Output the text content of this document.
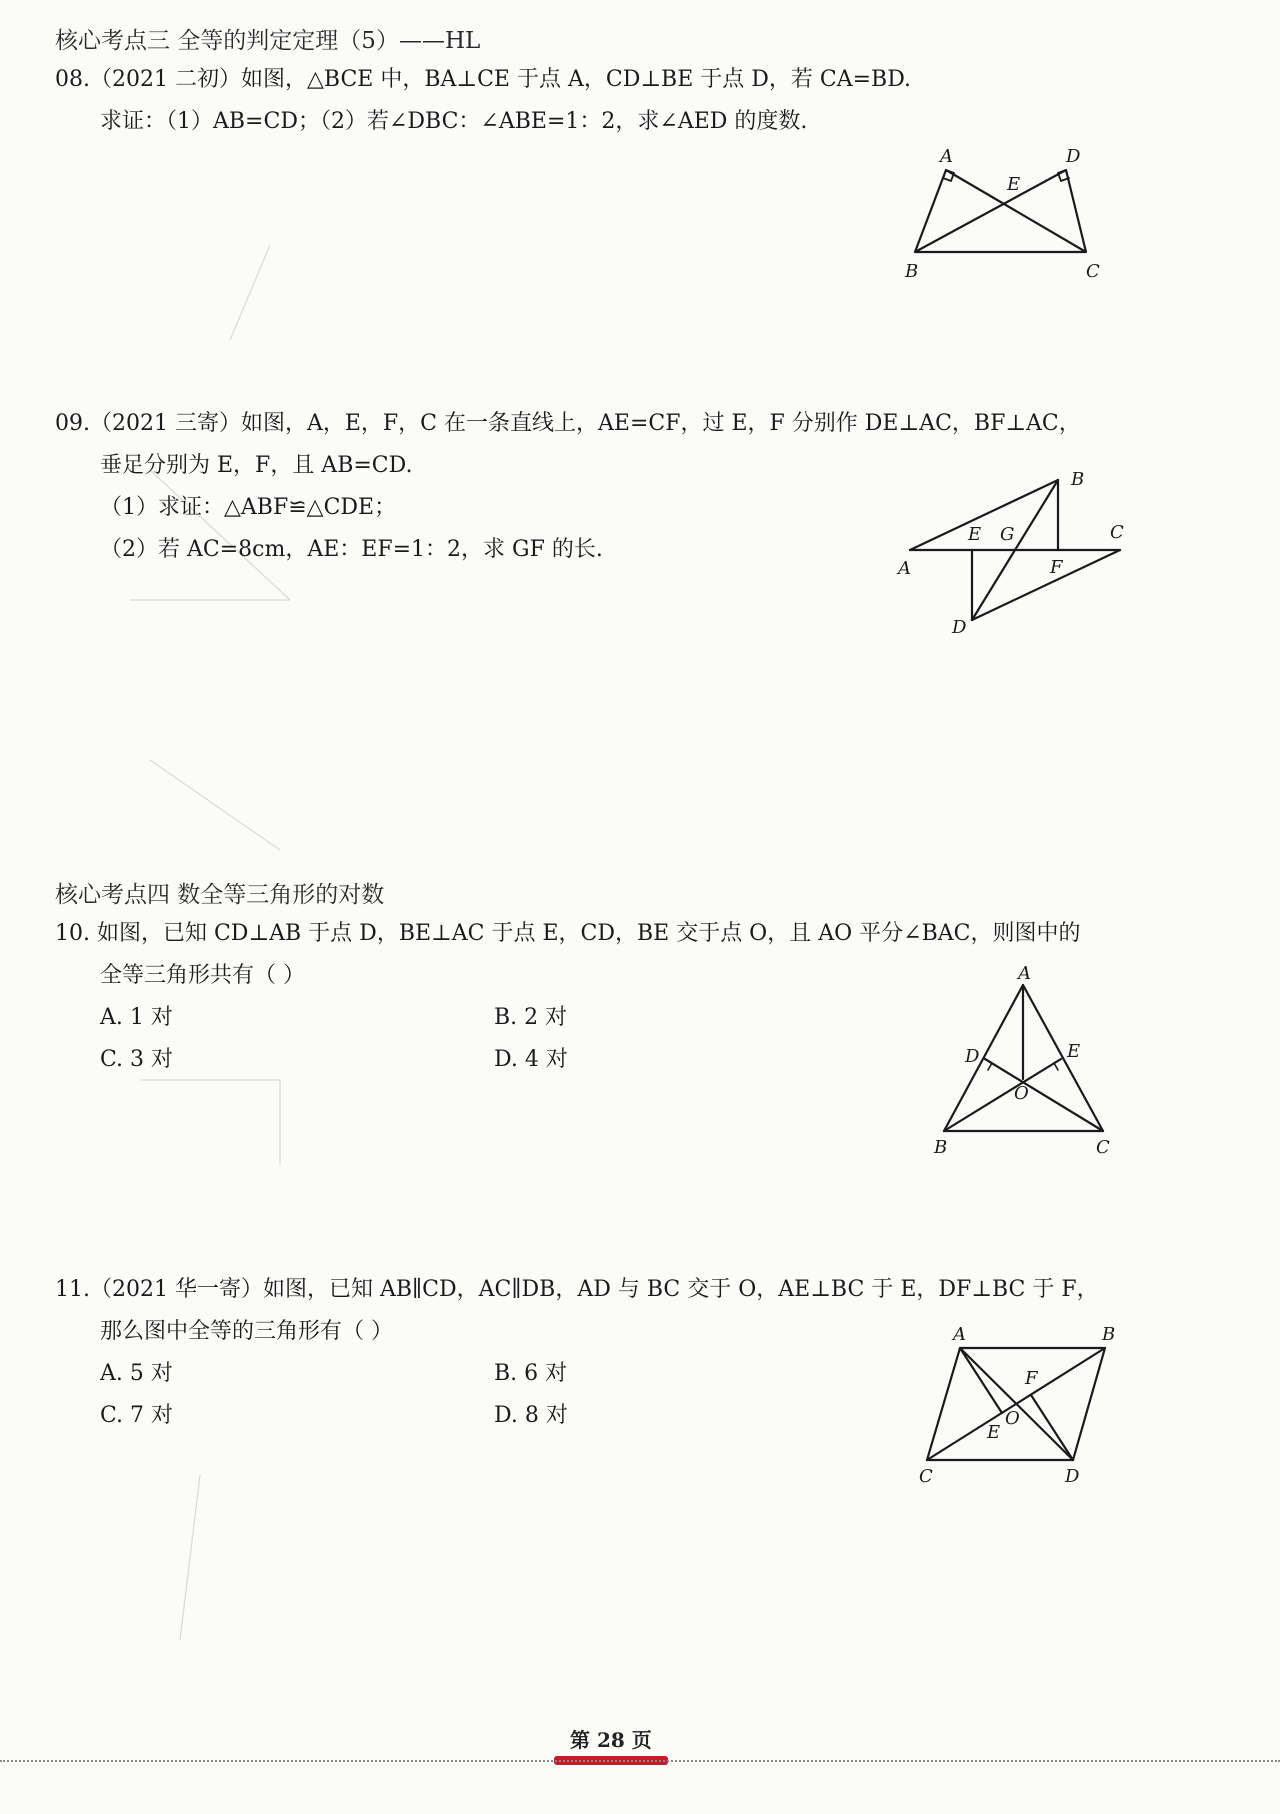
核心考点三 全等的判定定理（5）——HL
08.（2021 二初）如图，△BCE 中，BA⊥CE 于点 A，CD⊥BE 于点 D，若 CA=BD.
求证：（1）AB=CD；（2）若∠DBC：∠ABE=1：2，求∠AED 的度数.
A	D
E
B	C
09.（2021 三寄）如图，A，E，F，C 在一条直线上，AE=CF，过 E，F 分别作 DE⊥AC，BF⊥AC，
垂足分别为 E，F，且 AB=CD.
（1）求证：△ABF≌△CDE；
（2）若 AC=8cm，AE：EF=1：2，求 GF 的长.
B
E G	C
A	F
D
核心考点四 数全等三角形的对数
10. 如图，已知 CD⊥AB 于点 D，BE⊥AC 于点 E，CD，BE 交于点 O，且 AO 平分∠BAC，则图中的
全等三角形共有（ ）
A. 1 对	B. 2 对
C. 3 对	D. 4 对
A
D	E
O
B	C
11.（2021 华一寄）如图，已知 AB∥CD，AC∥DB，AD 与 BC 交于 O，AE⊥BC 于 E，DF⊥BC 于 F，
那么图中全等的三角形有（ ）
A. 5 对	B. 6 对
C. 7 对	D. 8 对
A	B
F
O
E
C	D
第 28 页
